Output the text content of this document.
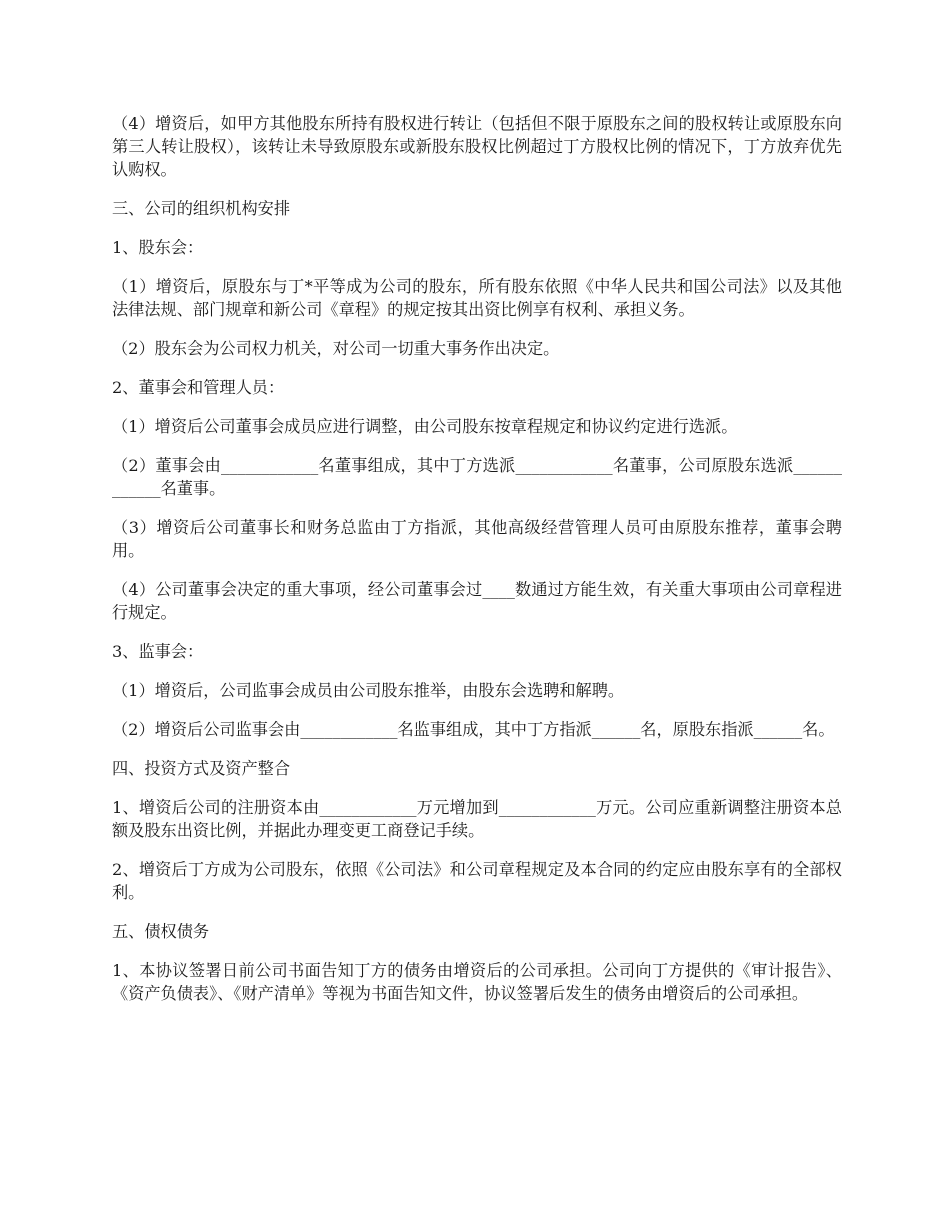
（4）增资后，如甲方其他股东所持有股权进行转让（包括但不限于原股东之间的股权转让或原股东向第三人转让股权），该转让未导致原股东或新股东股权比例超过丁方股权比例的情况下，丁方放弃优先认购权。

三、公司的组织机构安排

1、股东会：

（1）增资后，原股东与丁*平等成为公司的股东，所有股东依照《中华人民共和国公司法》以及其他法律法规、部门规章和新公司《章程》的规定按其出资比例享有权利、承担义务。

（2）股东会为公司权力机关，对公司一切重大事务作出决定。

2、董事会和管理人员：

（1）增资后公司董事会成员应进行调整，由公司股东按章程规定和协议约定进行选派。

（2）董事会由____________名董事组成，其中丁方选派____________名董事，公司原股东选派____________名董事。

（3）增资后公司董事长和财务总监由丁方指派，其他高级经营管理人员可由原股东推荐，董事会聘用。

（4）公司董事会决定的重大事项，经公司董事会过____数通过方能生效，有关重大事项由公司章程进行规定。

3、监事会：

（1）增资后，公司监事会成员由公司股东推举，由股东会选聘和解聘。

（2）增资后公司监事会由____________名监事组成，其中丁方指派______名，原股东指派______名。

四、投资方式及资产整合

1、增资后公司的注册资本由____________万元增加到____________万元。公司应重新调整注册资本总额及股东出资比例，并据此办理变更工商登记手续。

2、增资后丁方成为公司股东，依照《公司法》和公司章程规定及本合同的约定应由股东享有的全部权利。

五、债权债务

1、本协议签署日前公司书面告知丁方的债务由增资后的公司承担。公司向丁方提供的《审计报告》、《资产负债表》、《财产清单》等视为书面告知文件，协议签署后发生的债务由增资后的公司承担。
